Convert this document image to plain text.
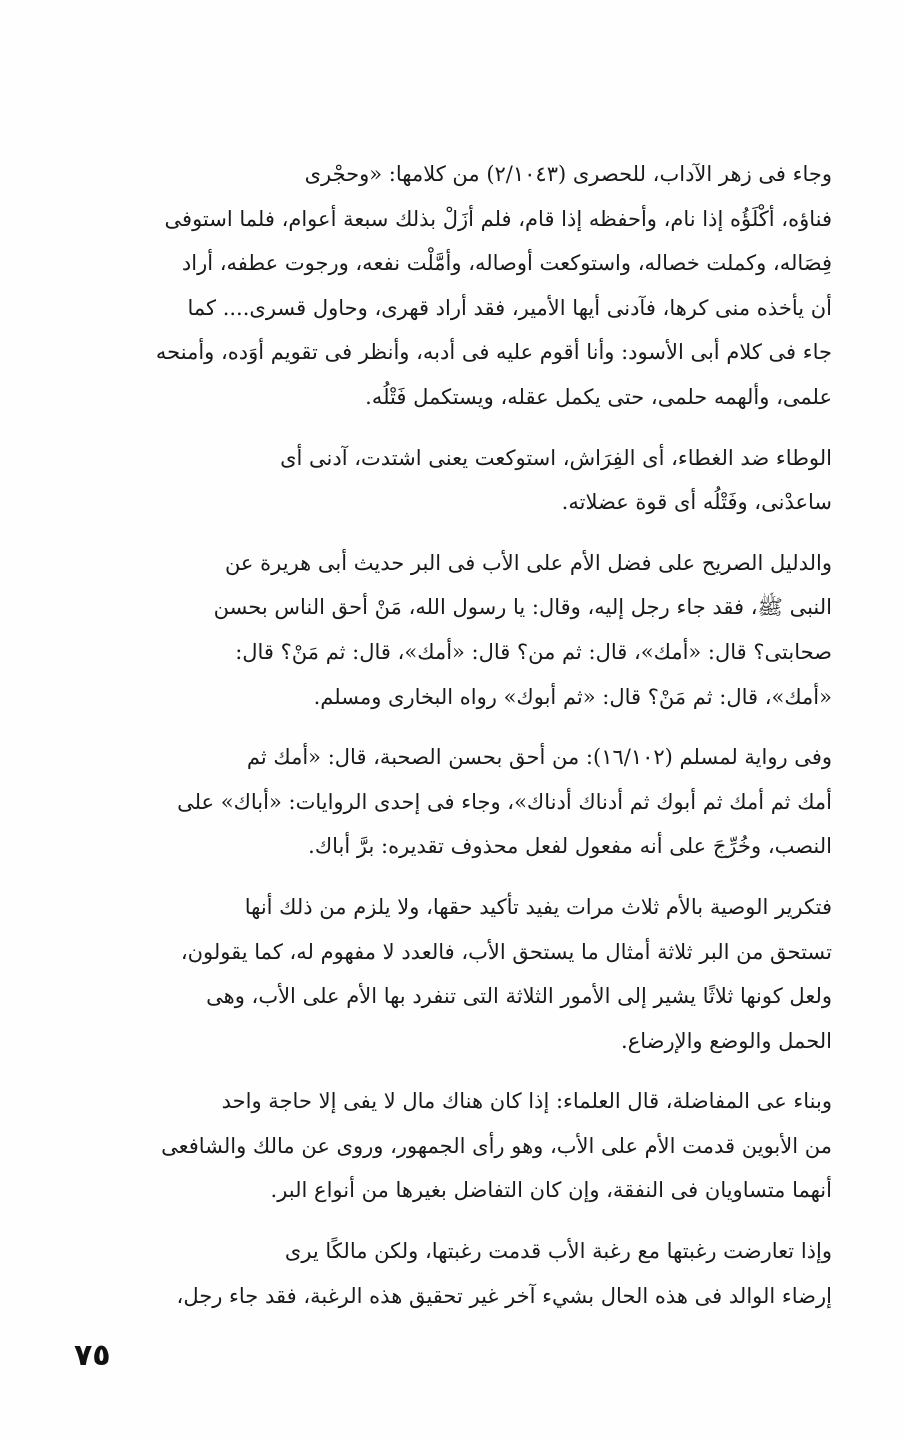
وجاء فى زهر الآداب، للحصرى (٢/١٠٤٣) من كلامها: «وحجْرى
فناؤه، أكْلَؤُه إذا نام، وأحفظه إذا قام، فلم أزَلْ بذلك سبعة أعوام، فلما استوفى
فِصَاله، وكملت خصاله، واستوكعت أوصاله، وأمَّلْت نفعه، ورجوت عطفه، أراد
أن يأخذه منى كرها، فآدنى أيها الأمير، فقد أراد قهرى، وحاول قسرى.... كما
جاء فى كلام أبى الأسود: وأنا أقوم عليه فى أدبه، وأنظر فى تقويم أوَده، وأمنحه
علمى، وألهمه حلمى، حتى يكمل عقله، ويستكمل فَتْلُه.

الوطاء ضد الغطاء، أى الفِرَاش، استوكعت يعنى اشتدت، آدنى أى
ساعدْنى، وفَتْلُه أى قوة عضلاته.

والدليل الصريح على فضل الأم على الأب فى البر حديث أبى هريرة عن
النبى ﷺ، فقد جاء رجل إليه، وقال: يا رسول الله، مَنْ أحق الناس بحسن
صحابتى؟ قال: «أمك»، قال: ثم من؟ قال: «أمك»، قال: ثم مَنْ؟ قال:
«أمك»، قال: ثم مَنْ؟ قال: «ثم أبوك» رواه البخارى ومسلم.

وفى رواية لمسلم (١٦/١٠٢): من أحق بحسن الصحبة، قال: «أمك ثم
أمك ثم أمك ثم أبوك ثم أدناك أدناك»، وجاء فى إحدى الروايات: «أباك» على
النصب، وخُرِّجَ على أنه مفعول لفعل محذوف تقديره: برَّ أباك.

فتكرير الوصية بالأم ثلاث مرات يفيد تأكيد حقها، ولا يلزم من ذلك أنها
تستحق من البر ثلاثة أمثال ما يستحق الأب، فالعدد لا مفهوم له، كما يقولون،
ولعل كونها ثلاثًا يشير إلى الأمور الثلاثة التى تنفرد بها الأم على الأب، وهى
الحمل والوضع والإرضاع.

وبناء عى المفاضلة، قال العلماء: إذا كان هناك مال لا يفى إلا حاجة واحد
من الأبوين قدمت الأم على الأب، وهو رأى الجمهور، وروى عن مالك والشافعى
أنهما متساويان فى النفقة، وإن كان التفاضل بغيرها من أنواع البر.

وإذا تعارضت رغبتها مع رغبة الأب قدمت رغبتها، ولكن مالكًا يرى
إرضاء الوالد فى هذه الحال بشيء آخر غير تحقيق هذه الرغبة، فقد جاء رجل،

٧٥
